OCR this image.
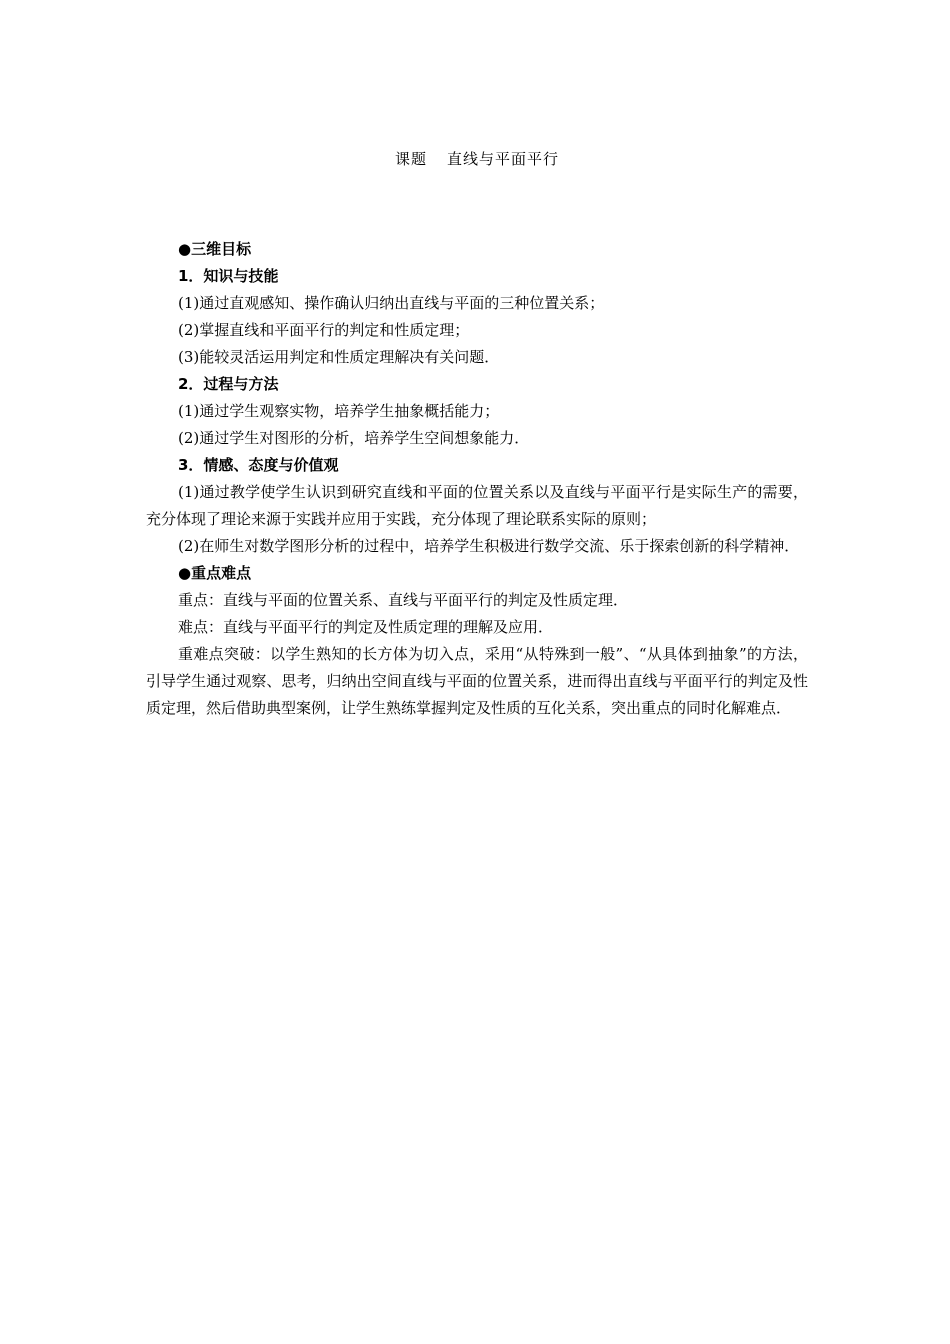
课题 直线与平面平行

●三维目标

1．知识与技能

(1)通过直观感知、操作确认归纳出直线与平面的三种位置关系；

(2)掌握直线和平面平行的判定和性质定理；

(3)能较灵活运用判定和性质定理解决有关问题．

2．过程与方法

(1)通过学生观察实物，培养学生抽象概括能力；

(2)通过学生对图形的分析，培养学生空间想象能力．

3．情感、态度与价值观

(1)通过教学使学生认识到研究直线和平面的位置关系以及直线与平面平行是实际生产的需要，充分体现了理论来源于实践并应用于实践，充分体现了理论联系实际的原则；

(2)在师生对数学图形分析的过程中，培养学生积极进行数学交流、乐于探索创新的科学精神．

●重点难点

重点：直线与平面的位置关系、直线与平面平行的判定及性质定理．

难点：直线与平面平行的判定及性质定理的理解及应用．

重难点突破：以学生熟知的长方体为切入点，采用“从特殊到一般”、“从具体到抽象”的方法，引导学生通过观察、思考，归纳出空间直线与平面的位置关系，进而得出直线与平面平行的判定及性质定理，然后借助典型案例，让学生熟练掌握判定及性质的互化关系，突出重点的同时化解难点．
